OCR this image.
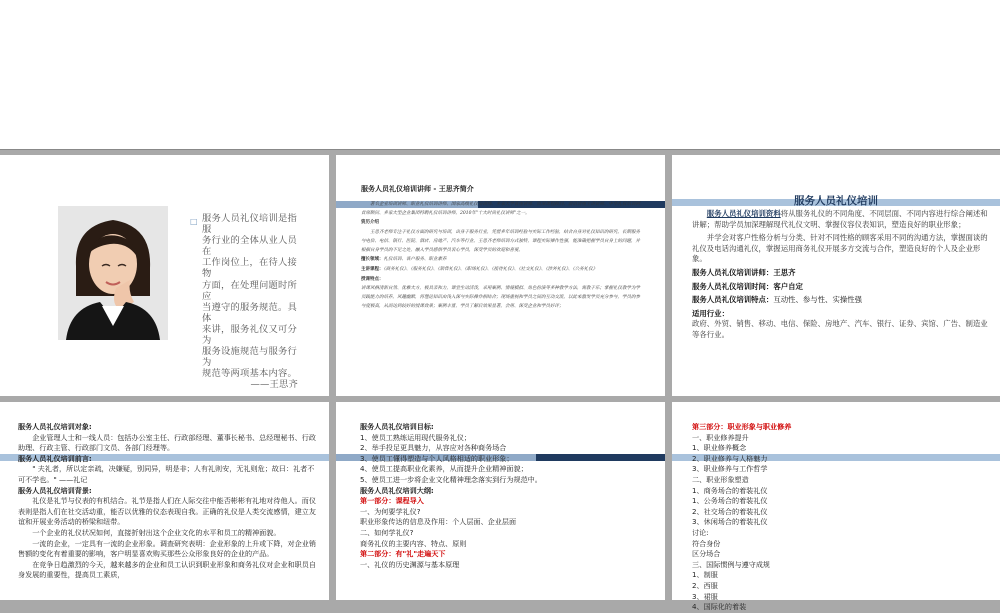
□ 服务人员礼仪培训是指服
务行业的全体从业人员在
工作岗位上，在待人接物
方面，在处理问题时所应
当遵守的服务规范。具体
来讲，服务礼仪又可分为
服务设施规范与服务行为
规范等两项基本内容。
——王思齐
服务人员礼仪培训讲师 - 王思齐简介

著名企业培训讲师、职业礼仪培训讲师、国家高级礼仪培训师、多家大学客座讲师、资深课程顾问、前沿讲座主讲讲师、中华礼仪培训网首席顾问、多家大型企业集团特聘礼仪培训讲师，2010年"十大时尚礼仪讲师"之一。

资历介绍

王思齐老师专注于礼仪方面的研究与培训，出身于服务行业，凭借多年培训经验与实际工作经验，结合自身对礼仪知识的研究，长期服务与电信、电信、银行、医院、酒店、房地产、汽车等行业，王思齐老师培训方式独特，课程实际操作性强，能准确把握学员自身上的问题，并根据自身学员的不足之处，融入学员感悟学员衷心学员，深受学员的欢迎和喜爱。

擅长领域：礼仪培训、客户服务、职业素养

主讲课程：《商务礼仪》、《服务礼仪》、《销售礼仪》、《职场礼仪》、《接待礼仪》、《社交礼仪》、《涉外礼仪》、《公务礼仪》

授课特点：

讲课风格清新自然、优雅大方，极具亲和力，课堂生动活泼，采用案例、情境模拟、角色扮演等多种教学方法，寓教于乐；掌握礼仪教学为学员践能力的培养，风趣幽默，将理论知识由浅入深与实际操作相结合；现场重视和学员之间的互动交流，以此来激发学员充分参与，学员的参与度极高，从而达到较好的授课效果；案例丰富，学员了解后效果显著。会用、深受企业和学员好评；

服务人员礼仪培训

服务人员礼仪培训资料将从服务礼仪的不同角度、不同层面、不同内容进行综合阐述和讲解；帮助学员加深理解现代礼仪文明、掌握仪容仪表知识，塑造良好的职业形象；

并学会对客户性格分析与分类、针对不同性格的顾客采用不同的沟通方法，掌握面谈的礼仪及电话沟通礼仪，掌握运用商务礼仪开展多方交流与合作，塑造良好的个人及企业形象。

服务人员礼仪培训讲师：王思齐

服务人员礼仪培训时间：客户自定

服务人员礼仪培训特点：互动性、参与性、实操性强

适用行业：

政府、外贸、销售、移动、电信、保险、房地产、汽车、银行、证券、宾馆、广告、制造业等各行业。

服务人员礼仪培训对象:

企业管理人士和一线人员：包括办公室主任、行政部经理、董事长秘书、总经理秘书、行政助理、行政主管、行政部门文员、各部门经理等。

服务人员礼仪培训前言:

" 夫礼者，所以定亲疏，决嫌疑，别同异，明是非；人有礼则安，无礼则危；故曰：礼者不可不学也。" ——礼记

服务人员礼仪培训背景:

礼仪是礼节与仪表的有机结合。礼节是指人们在人际交往中能否彬彬有礼地对待他人。而仪表则是指人们在社交活动重，能否以优雅的仪态表现自我。正确的礼仪是人类交流感情，建立友谊和开展业务活动的桥梁和纽带。

一个企业的礼仪状况如何，直接折射出这个企业文化的水平和员工的精神面貌。

一流的企业，一定具有一流的企业形象。调查研究表明：企业形象的上升或下降，对企业销售额的变化有着重要的影响，客户明显喜欢购买那些公众形象良好的企业的产品。

在竞争日趋激烈的今天，越来越多的企业和员工认识到职业形象和商务礼仪对企业和职员自身发展的重要性，提高员工素质，

服务人员礼仪培训目标:

1、使员工熟练运用现代服务礼仪；

2、举手投足更具魅力，从容应对各种商务场合

3、使员工懂得塑造与个人风格相适的职业形象；

4、使员工提高职业化素养，从而提升企业精神面貌；

5、使员工进一步将企业文化精神理念落实到行为规范中。

服务人员礼仪培训大纲:

第一部分：课程导入

一、为何要学礼仪?

职业形象传达的信息及作用：个人层面、企业层面

二、如何学礼仪?

商务礼仪的主要内容、特点、原则

第二部分：有"礼"走遍天下

一、礼仪的历史渊源与基本原理

第三部分：职业形象与职业修养

一、职业修养提升

1、职业修养概念

2、职业修养与人格魅力

3、职业修养与工作哲学

二、职业形象塑造

1、商务场合的着装礼仪

1、公务场合的着装礼仪

2、社交场合的着装礼仪

3、休闲场合的着装礼仪

讨论:

符合身份

区分场合

三、国际惯例与遵守成规

1、制服

2、西服

3、裙服

4、国际化的着装
